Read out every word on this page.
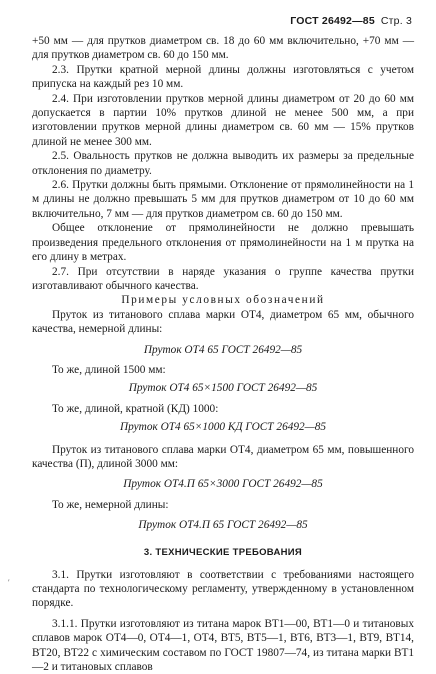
ГОСТ 26492—85 Стр. 3

+50 мм — для прутков диаметром св. 18 до 60 мм включительно, +70 мм — для прутков диаметром св. 60 до 150 мм.

2.3. Прутки кратной мерной длины должны изготовляться с учетом припуска на каждый рез 10 мм.

2.4. При изготовлении прутков мерной длины диаметром от 20 до 60 мм допускается в партии 10% прутков длиной не менее 500 мм, а при изготовлении прутков мерной длины диаметром св. 60 мм — 15% прутков длиной не менее 300 мм.

2.5. Овальность прутков не должна выводить их размеры за предельные отклонения по диаметру.

2.6. Прутки должны быть прямыми. Отклонение от прямолинейности на 1 м длины не должно превышать 5 мм для прутков диаметром от 10 до 60 мм включительно, 7 мм — для прутков диаметром св. 60 до 150 мм.

Общее отклонение от прямолинейности не должно превышать произведения предельного отклонения от прямолинейности на 1 м прутка на его длину в метрах.

2.7. При отсутствии в наряде указания о группе качества прутки изготавливают обычного качества.

Примеры условных обозначений

Пруток из титанового сплава марки ОТ4, диаметром 65 мм, обычного качества, немерной длины:

Пруток ОТ4 65 ГОСТ 26492—85

То же, длиной 1500 мм:

Пруток ОТ4 65×1500 ГОСТ 26492—85

То же, длиной, кратной (КД) 1000:

Пруток ОТ4 65×1000 КД ГОСТ 26492—85

Пруток из титанового сплава марки ОТ4, диаметром 65 мм, повышенного качества (П), длиной 3000 мм:

Пруток ОТ4.П 65×3000 ГОСТ 26492—85

То же, немерной длины:

Пруток ОТ4.П 65 ГОСТ 26492—85

3. ТЕХНИЧЕСКИЕ ТРЕБОВАНИЯ

3.1. Прутки изготовляют в соответствии с требованиями настоящего стандарта по технологическому регламенту, утвержденному в установленном порядке.

3.1.1. Прутки изготовляют из титана марок ВТ1—00, ВТ1—0 и титановых сплавов марок ОТ4—0, ОТ4—1, ОТ4, ВТ5, ВТ5—1, ВТ6, ВТ3—1, ВТ9, ВТ14, ВТ20, ВТ22 с химическим составом по ГОСТ 19807—74, из титана марки ВТ1—2 и титановых сплавов

ʹ
